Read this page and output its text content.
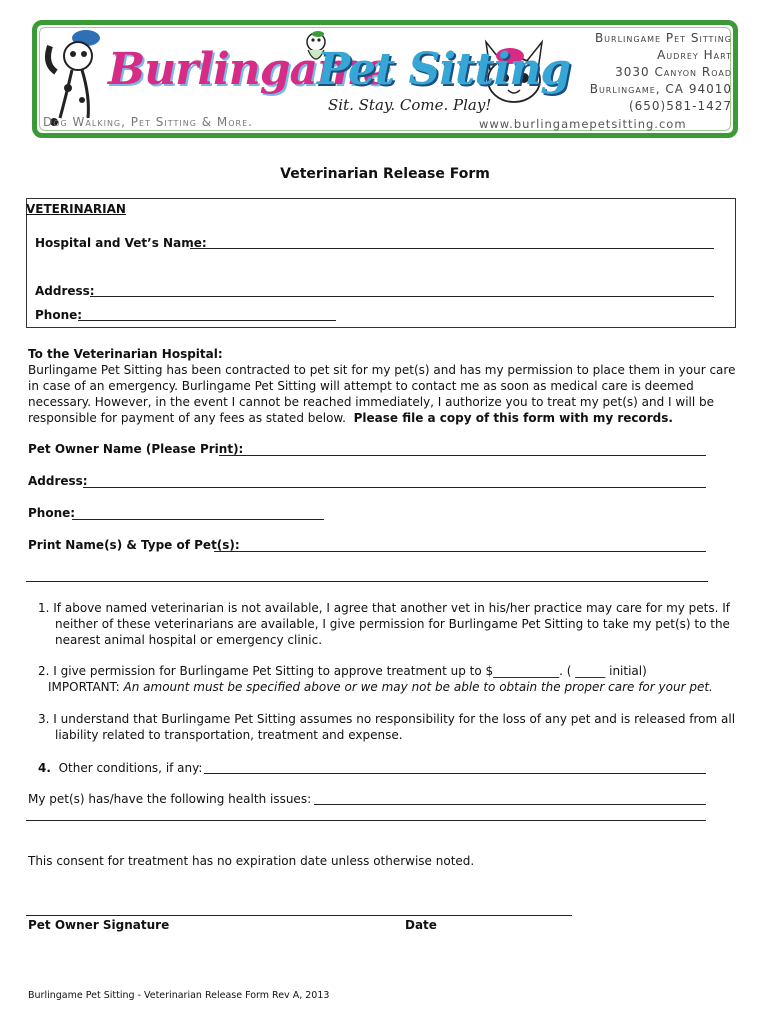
Burlingame
Pet Sitting
Sit. Stay. Come. Play!
Dog Walking, Pet Sitting & More.	www.burlingamepetsitting.com
Burlingame Pet Sitting
Audrey Hart
3030 Canyon Road
Burlingame, CA 94010
(650)581-1427
Veterinarian Release Form
VETERINARIAN
Hospital and Vet’s Name:
Address:
Phone:
To the Veterinarian Hospital:
Burlingame Pet Sitting has been contracted to pet sit for my pet(s) and has my permission to place them in your care
in case of an emergency. Burlingame Pet Sitting will attempt to contact me as soon as medical care is deemed
necessary. However, in the event I cannot be reached immediately, I authorize you to treat my pet(s) and I will be
responsible for payment of any fees as stated below. Please file a copy of this form with my records.
Pet Owner Name (Please Print):
Address:
Phone:
Print Name(s) & Type of Pet(s):
1. If above named veterinarian is not available, I agree that another vet in his/her practice may care for my pets. If
neither of these veterinarians are available, I give permission for Burlingame Pet Sitting to take my pet(s) to the
nearest animal hospital or emergency clinic.
2. I give permission for Burlingame Pet Sitting to approve treatment up to $___________. ( _____ initial)
IMPORTANT: An amount must be specified above or we may not be able to obtain the proper care for your pet.
3. I understand that Burlingame Pet Sitting assumes no responsibility for the loss of any pet and is released from all
liability related to transportation, treatment and expense.
4. Other conditions, if any:
My pet(s) has/have the following health issues:
This consent for treatment has no expiration date unless otherwise noted.
Pet Owner Signature	Date
Burlingame Pet Sitting - Veterinarian Release Form Rev A, 2013
